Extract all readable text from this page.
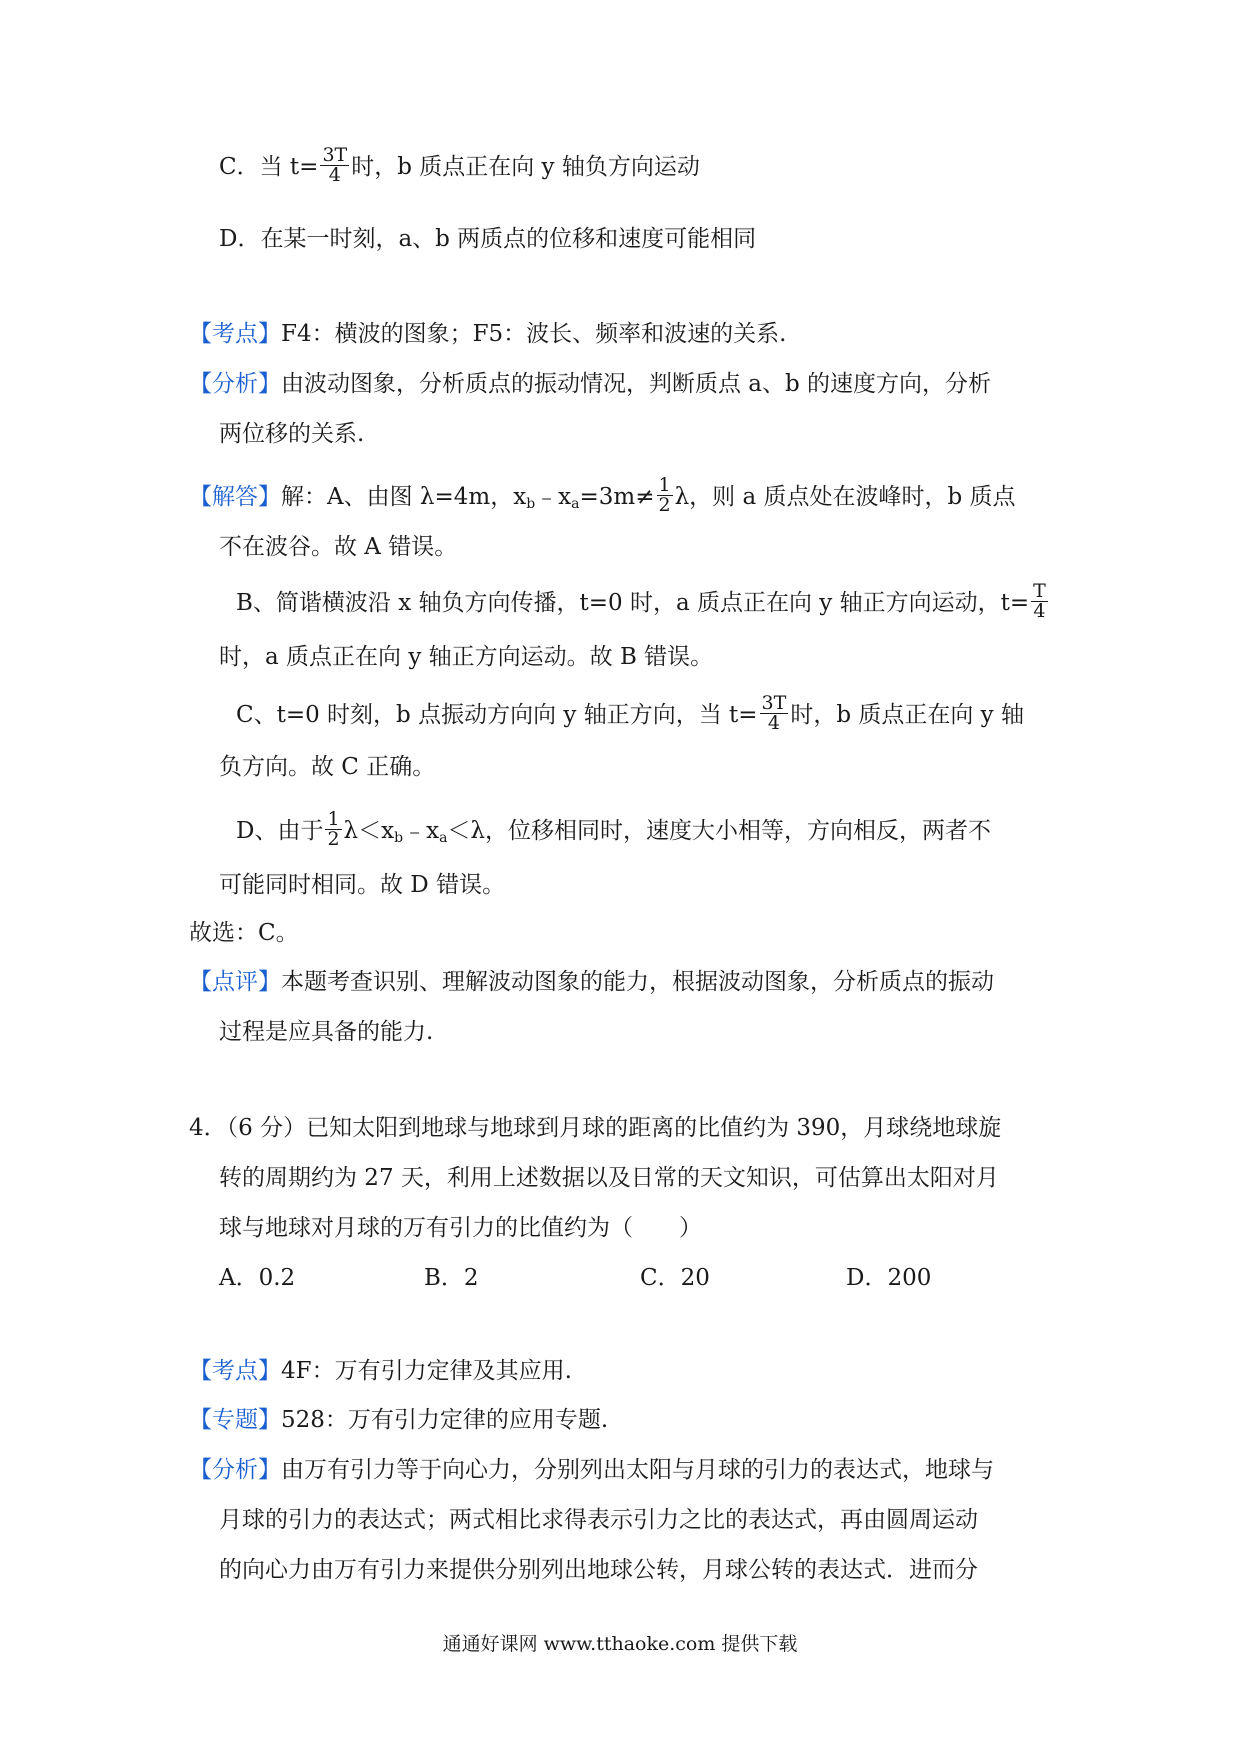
C．当 $t= \frac{3T}{4}$ 时，b 质点正在向 y 轴负方向运动
D．在某一时刻，a、b 两质点的位移和速度可能相同
【考点】F4：横波的图象；F5：波长、频率和波速的关系.
【分析】由波动图象，分析质点的振动情况，判断质点 a、b 的速度方向，分析
两位移的关系.
【解答】解：A、由图 λ=4m，$x_b﹣x_a=3m\ne \frac{1}{2}$ λ，则 a 质点处在波峰时，b 质点
不在波谷。故 A 错误。
B、简谐横波沿 x 轴负方向传播，t=0 时，a 质点正在向 y 轴正方向运动，$t= \frac{T}{4}$
时，a 质点正在向 y 轴正方向运动。故 B 错误。
C、t=0 时刻，b 点振动方向向 y 轴正方向，当 $t= \frac{3T}{4}$ 时，b 质点正在向 y 轴
负方向。故 C 正确。
D、由于 $\frac{1}{2}$ $\lambda<x_b﹣x_a<\lambda$，位移相同时，速度大小相等，方向相反，两者不
可能同时相同。故 D 错误。
故选：C。
【点评】本题考查识别、理解波动图象的能力，根据波动图象，分析质点的振动
过程是应具备的能力.
4．（6 分）已知太阳到地球与地球到月球的距离的比值约为 390，月球绕地球旋
转的周期约为 27 天，利用上述数据以及日常的天文知识，可估算出太阳对月
球与地球对月球的万有引力的比值约为（　　）
A．0.2	B．2	C．20	D．200
【考点】4F：万有引力定律及其应用.
【专题】528：万有引力定律的应用专题.
【分析】由万有引力等于向心力，分别列出太阳与月球的引力的表达式，地球与
月球的引力的表达式；两式相比求得表示引力之比的表达式，再由圆周运动
的向心力由万有引力来提供分别列出地球公转，月球公转的表达式．进而分
通通好课网 www.tthaoke.com 提供下载
